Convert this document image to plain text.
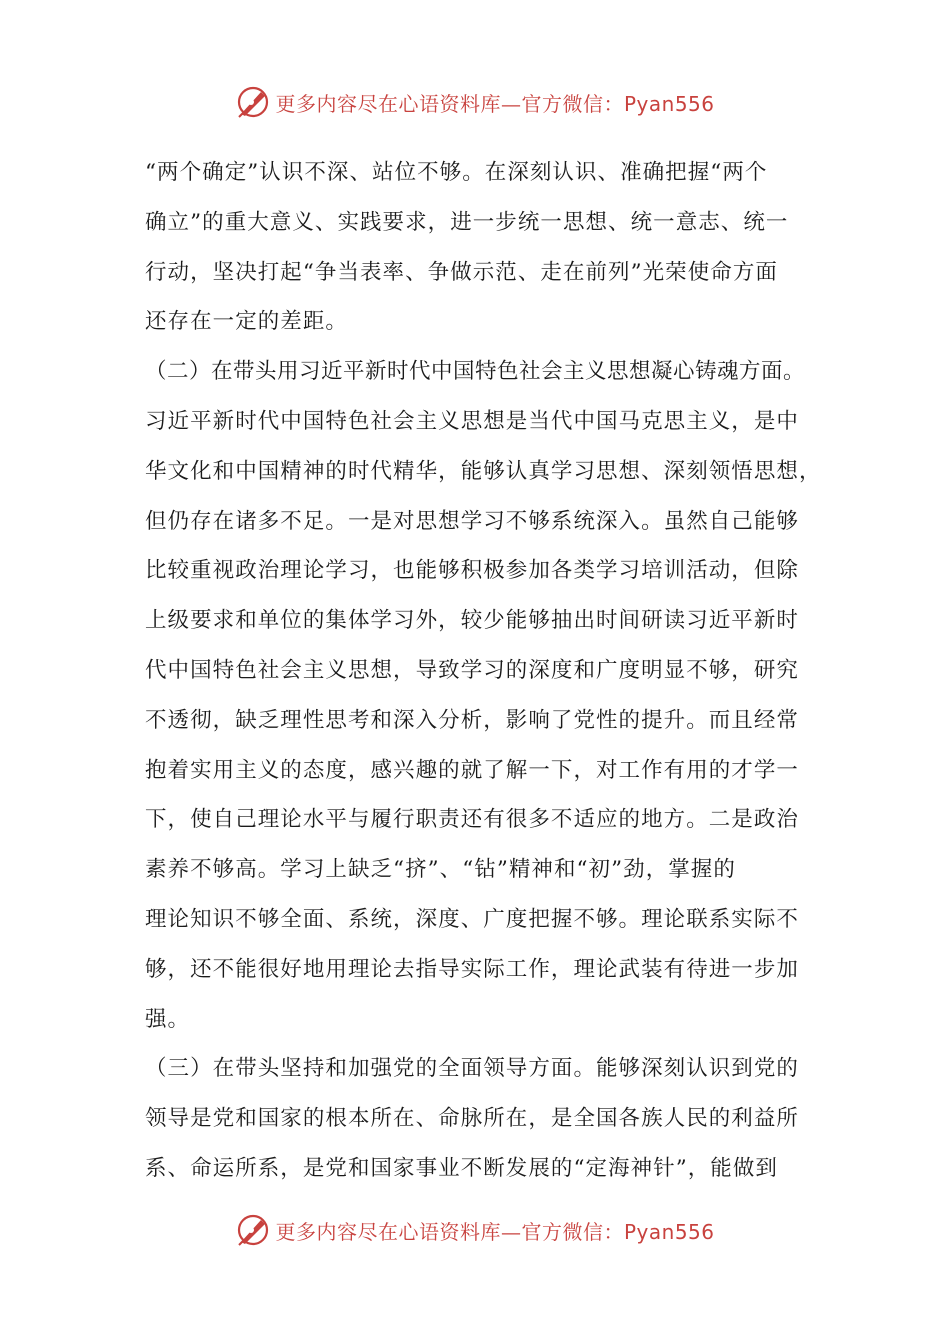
更多内容尽在心语资料库—官方微信：Pyan556
“两个确定”认识不深、站位不够。在深刻认识、准确把握“两个
确立”的重大意义、实践要求，进一步统一思想、统一意志、统一
行动，坚决打起“争当表率、争做示范、走在前列”光荣使命方面
还存在一定的差距。
（二）在带头用习近平新时代中国特色社会主义思想凝心铸魂方面。
习近平新时代中国特色社会主义思想是当代中国马克思主义，是中
华文化和中国精神的时代精华，能够认真学习思想、深刻领悟思想，
但仍存在诸多不足。一是对思想学习不够系统深入。虽然自己能够
比较重视政治理论学习，也能够积极参加各类学习培训活动，但除
上级要求和单位的集体学习外，较少能够抽出时间研读习近平新时
代中国特色社会主义思想，导致学习的深度和广度明显不够，研究
不透彻，缺乏理性思考和深入分析，影响了党性的提升。而且经常
抱着实用主义的态度，感兴趣的就了解一下，对工作有用的才学一
下，使自己理论水平与履行职责还有很多不适应的地方。二是政治
素养不够高。学习上缺乏“挤”、“钻”精神和“初”劲，掌握的
理论知识不够全面、系统，深度、广度把握不够。理论联系实际不
够，还不能很好地用理论去指导实际工作，理论武装有待进一步加
强。
（三）在带头坚持和加强党的全面领导方面。能够深刻认识到党的
领导是党和国家的根本所在、命脉所在，是全国各族人民的利益所
系、命运所系，是党和国家事业不断发展的“定海神针”，能做到
更多内容尽在心语资料库—官方微信：Pyan556
